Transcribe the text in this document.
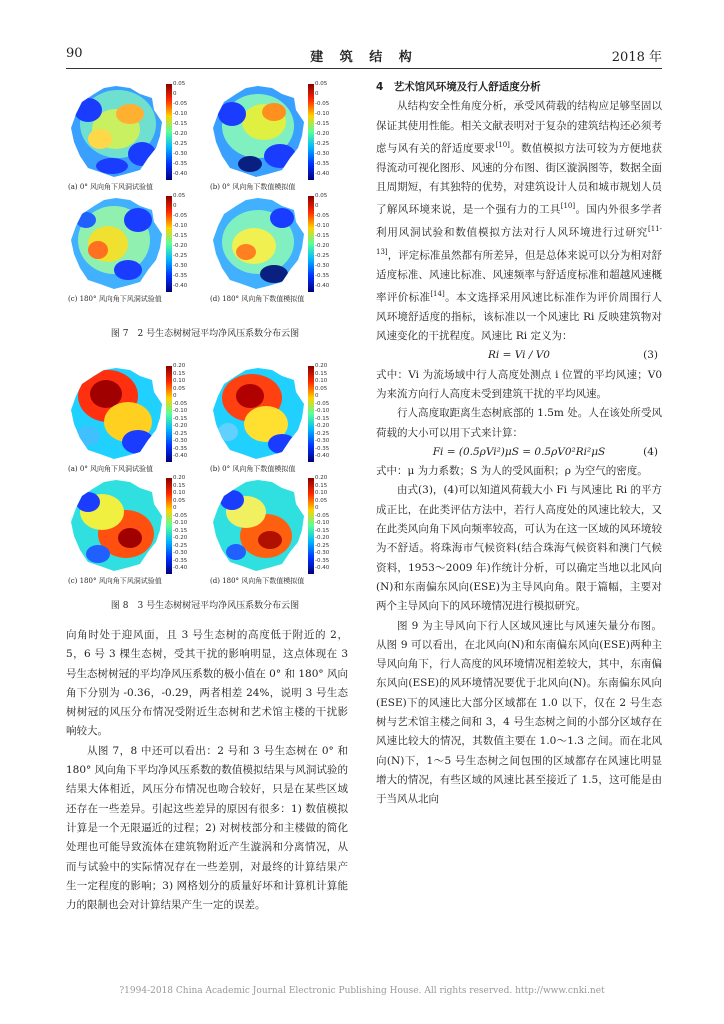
90	建 筑 结 构	2018 年
0.05
0
-0.05
-0.10
-0.15
-0.20
-0.25
-0.30
-0.35
-0.40
(a) 0° 风向角下风洞试验值
0.05
0
-0.05
-0.10
-0.15
-0.20
-0.25
-0.30
-0.35
-0.40
(b) 0° 风向角下数值模拟值
0.05
0
-0.05
-0.10
-0.15
-0.20
-0.25
-0.30
-0.35
-0.40
(c) 180° 风向角下风洞试验值
0.05
0
-0.05
-0.10
-0.15
-0.20
-0.25
-0.30
-0.35
-0.40
(d) 180° 风向角下数值模拟值
图 7　2 号生态树树冠平均净风压系数分布云图
0.20
0.15
0.10
0.05
0
-0.05
-0.10
-0.15
-0.20
-0.25
-0.30
-0.35
-0.40
(a) 0° 风向角下风洞试验值
0.20
0.15
0.10
0.05
0
-0.05
-0.10
-0.15
-0.20
-0.25
-0.30
-0.35
-0.40
(b) 0° 风向角下数值模拟值
0.20
0.15
0.10
0.05
0
-0.05
-0.10
-0.15
-0.20
-0.25
-0.30
-0.35
-0.40
(c) 180° 风向角下风洞试验值
0.20
0.15
0.10
0.05
0
-0.05
-0.10
-0.15
-0.20
-0.25
-0.30
-0.35
-0.40
(d) 180° 风向角下数值模拟值
图 8　3 号生态树树冠平均净风压系数分布云图

向角时处于迎风面，且 3 号生态树的高度低于附近的 2，5，6 号 3 棵生态树，受其干扰的影响明显，这点体现在 3 号生态树树冠的平均净风压系数的极小值在 0° 和 180° 风向角下分别为 -0.36，-0.29，两者相差 24%，说明 3 号生态树树冠的风压分布情况受附近生态树和艺术馆主楼的干扰影响较大。

从图 7，8 中还可以看出：2 号和 3 号生态树在 0° 和 180° 风向角下平均净风压系数的数值模拟结果与风洞试验的结果大体相近，风压分布情况也吻合较好，只是在某些区域还存在一些差异。引起这些差异的原因有很多：1) 数值模拟计算是一个无限逼近的过程；2) 对树枝部分和主楼做的简化处理也可能导致流体在建筑物附近产生漩涡和分离情况，从而与试验中的实际情况存在一些差别，对最终的计算结果产生一定程度的影响；3) 网格划分的质量好坏和计算机计算能力的限制也会对计算结果产生一定的误差。

4　艺术馆风环境及行人舒适度分析

从结构安全性角度分析，承受风荷载的结构应足够坚固以保证其使用性能。相关文献表明对于复杂的建筑结构还必须考虑与风有关的舒适度要求[10]。数值模拟方法可较为方便地获得流动可视化图形、风速的分布图、街区漩涡图等，数据全面且周期短，有其独特的优势，对建筑设计人员和城市规划人员了解风环境来说，是一个强有力的工具[10]。国内外很多学者利用风洞试验和数值模拟方法对行人风环境进行过研究[11-13]，评定标准虽然都有所差异，但是总体来说可以分为相对舒适度标准、风速比标准、风速频率与舒适度标准和超越风速概率评价标准[14]。本文选择采用风速比标准作为评价周围行人风环境舒适度的指标，该标准以一个风速比 Ri 反映建筑物对风速变化的干扰程度。风速比 Ri 定义为：

Ri = Vi / V0	(3)

式中：Vi 为流场域中行人高度处测点 i 位置的平均风速；V0 为来流方向行人高度未受到建筑干扰的平均风速。

行人高度取距离生态树底部的 1.5m 处。人在该处所受风荷载的大小可以用下式来计算：

Fi = (0.5ρVi²)μS = 0.5ρV0²Ri²μS	(4)

式中：μ 为力系数；S 为人的受风面积；ρ 为空气的密度。

由式(3)，(4)可以知道风荷载大小 Fi 与风速比 Ri 的平方成正比，在此类评估方法中，若行人高度处的风速比较大，又在此类风向角下风向频率较高，可认为在这一区域的风环境较为不舒适。将珠海市气候资料(结合珠海气候资料和澳门气候资料，1953～2009 年)作统计分析，可以确定当地以北风向(N)和东南偏东风向(ESE)为主导风向角。限于篇幅，主要对两个主导风向下的风环境情况进行模拟研究。

图 9 为主导风向下行人区域风速比与风速矢量分布图。从图 9 可以看出，在北风向(N)和东南偏东风向(ESE)两种主导风向角下，行人高度的风环境情况相差较大，其中，东南偏东风向(ESE)的风环境情况要优于北风向(N)。东南偏东风向(ESE)下的风速比大部分区域都在 1.0 以下，仅在 2 号生态树与艺术馆主楼之间和 3，4 号生态树之间的小部分区域存在风速比较大的情况，其数值主要在 1.0～1.3 之间。而在北风向(N)下，1～5 号生态树之间包围的区域都存在风速比明显增大的情况，有些区域的风速比甚至接近了 1.5，这可能是由于当风从北向

?1994-2018 China Academic Journal Electronic Publishing House. All rights reserved. http://www.cnki.net
